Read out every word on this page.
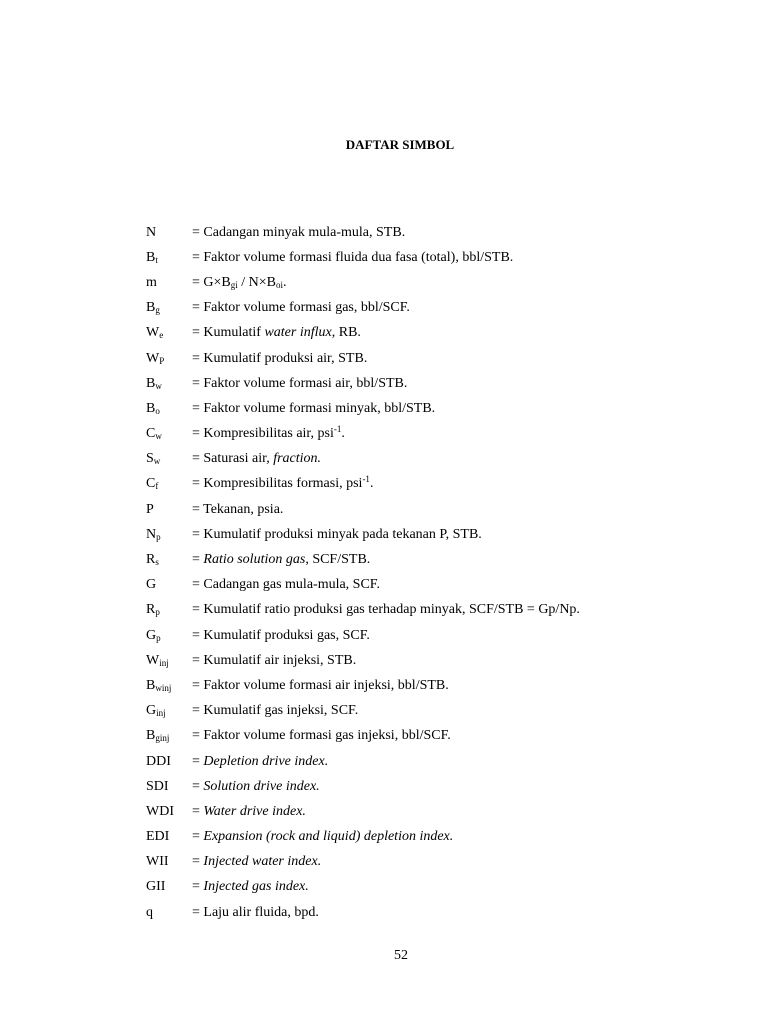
DAFTAR SIMBOL
N	= Cadangan minyak mula-mula, STB.
$B_t$	= Faktor volume formasi fluida dua fasa (total), bbl/STB.
m	= $G\times B_{gi} / N\times B_{oi}$.
$B_g$	= Faktor volume formasi gas, bbl/SCF.
$W_e$	= Kumulatif water influx, RB.
$W_P$	= Kumulatif produksi air, STB.
$B_w$	= Faktor volume formasi air, bbl/STB.
$B_o$	= Faktor volume formasi minyak, bbl/STB.
$C_w$	= Kompresibilitas air, psi$^{-1}$.
$S_w$	= Saturasi air, fraction.
$C_f$	= Kompresibilitas formasi, psi$^{-1}$.
P	= Tekanan, psia.
$N_p$	= Kumulatif produksi minyak pada tekanan P, STB.
$R_s$	= Ratio solution gas, SCF/STB.
G	= Cadangan gas mula-mula, SCF.
$R_p$	= Kumulatif ratio produksi gas terhadap minyak, SCF/STB = Gp/Np.
$G_p$	= Kumulatif produksi gas, SCF.
$W_{inj}$	= Kumulatif air injeksi, STB.
$B_{winj}$	= Faktor volume formasi air injeksi, bbl/STB.
$G_{inj}$	= Kumulatif gas injeksi, SCF.
$B_{ginj}$	= Faktor volume formasi gas injeksi, bbl/SCF.
DDI	= Depletion drive index.
SDI	= Solution drive index.
WDI	= Water drive index.
EDI	= Expansion (rock and liquid) depletion index.
WII	= Injected water index.
GII	= Injected gas index.
q	= Laju alir fluida, bpd.
52
